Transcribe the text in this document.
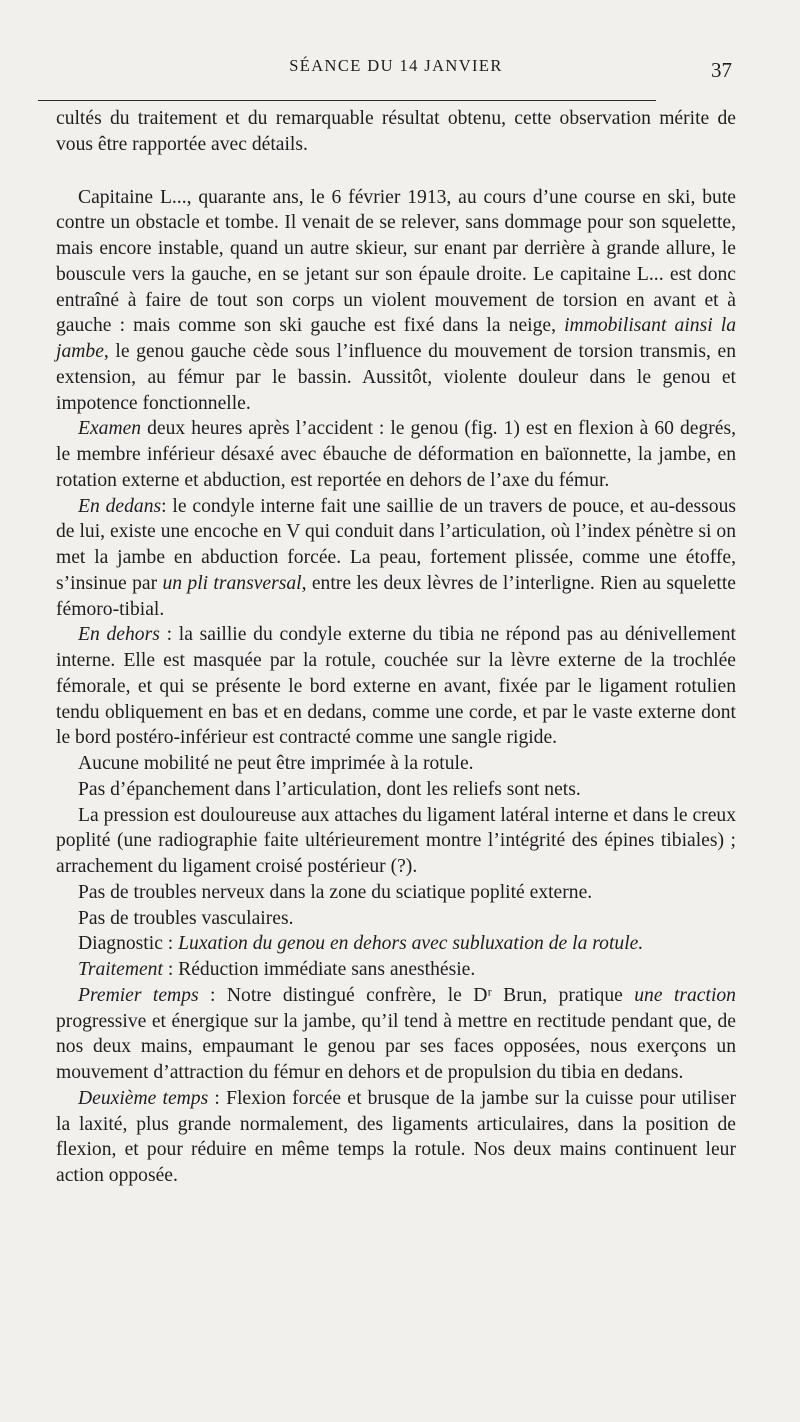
SÉANCE DU 14 JANVIER	37

cultés du traitement et du remarquable résultat obtenu, cette observation mérite de vous être rapportée avec détails.

Capitaine L..., quarante ans, le 6 février 1913, au cours d’une course en ski, bute contre un obstacle et tombe. Il venait de se relever, sans dommage pour son squelette, mais encore instable, quand un autre skieur, sur enant par derrière à grande allure, le bouscule vers la gauche, en se jetant sur son épaule droite. Le capitaine L... est donc entraîné à faire de tout son corps un violent mouvement de torsion en avant et à gauche : mais comme son ski gauche est fixé dans la neige, immobilisant ainsi la jambe, le genou gauche cède sous l’influence du mouvement de torsion transmis, en extension, au fémur par le bassin. Aussitôt, violente douleur dans le genou et impotence fonctionnelle.

Examen deux heures après l’accident : le genou (fig. 1) est en flexion à 60 degrés, le membre inférieur désaxé avec ébauche de déformation en baïonnette, la jambe, en rotation externe et abduction, est reportée en dehors de l’axe du fémur.

En dedans: le condyle interne fait une saillie de un travers de pouce, et au-dessous de lui, existe une encoche en V qui conduit dans l’articulation, où l’index pénètre si on met la jambe en abduction forcée. La peau, fortement plissée, comme une étoffe, s’insinue par un pli transversal, entre les deux lèvres de l’interligne. Rien au squelette fémoro-tibial.

En dehors : la saillie du condyle externe du tibia ne répond pas au dénivellement interne. Elle est masquée par la rotule, couchée sur la lèvre externe de la trochlée fémorale, et qui se présente le bord externe en avant, fixée par le ligament rotulien tendu obliquement en bas et en dedans, comme une corde, et par le vaste externe dont le bord postéro-inférieur est contracté comme une sangle rigide.

Aucune mobilité ne peut être imprimée à la rotule.

Pas d’épanchement dans l’articulation, dont les reliefs sont nets.

La pression est douloureuse aux attaches du ligament latéral interne et dans le creux poplité (une radiographie faite ultérieurement montre l’intégrité des épines tibiales) ; arrachement du ligament croisé postérieur (?).

Pas de troubles nerveux dans la zone du sciatique poplité externe.

Pas de troubles vasculaires.

Diagnostic : Luxation du genou en dehors avec subluxation de la rotule.

Traitement : Réduction immédiate sans anesthésie.

Premier temps : Notre distingué confrère, le Dʳ Brun, pratique une traction progressive et énergique sur la jambe, qu’il tend à mettre en rectitude pendant que, de nos deux mains, empaumant le genou par ses faces opposées, nous exerçons un mouvement d’attraction du fémur en dehors et de propulsion du tibia en dedans.

Deuxième temps : Flexion forcée et brusque de la jambe sur la cuisse pour utiliser la laxité, plus grande normalement, des ligaments articulaires, dans la position de flexion, et pour réduire en même temps la rotule. Nos deux mains continuent leur action opposée.
